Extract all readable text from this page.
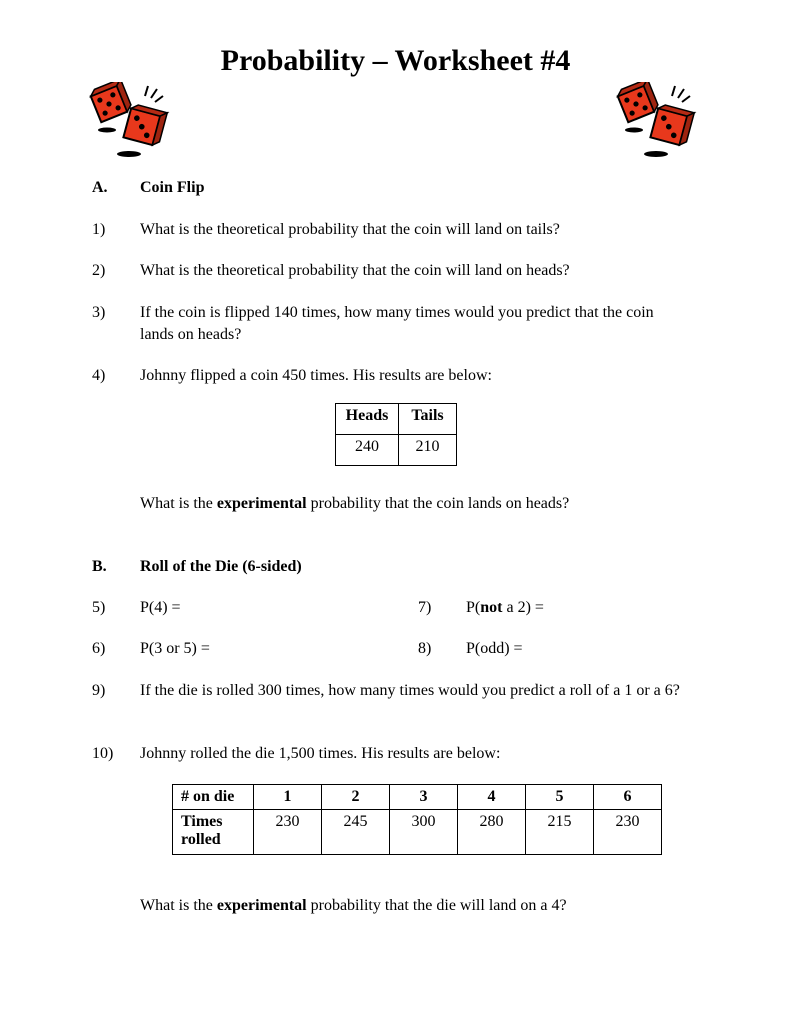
Probability – Worksheet #4
A. Coin Flip
1) What is the theoretical probability that the coin will land on tails?
2) What is the theoretical probability that the coin will land on heads?
3) If the coin is flipped 140 times, how many times would you predict that the coin lands on heads?
4) Johnny flipped a coin 450 times. His results are below:
Heads	Tails
240	210
What is the experimental probability that the coin lands on heads?
B. Roll of the Die (6-sided)
5) P(4) =	7) P(not a 2) =
6) P(3 or 5) =	8) P(odd) =
9) If the die is rolled 300 times, how many times would you predict a roll of a 1 or a 6?
10) Johnny rolled the die 1,500 times. His results are below:
# on die	1	2	3	4	5	6
Times rolled	230	245	300	280	215	230
What is the experimental probability that the die will land on a 4?
